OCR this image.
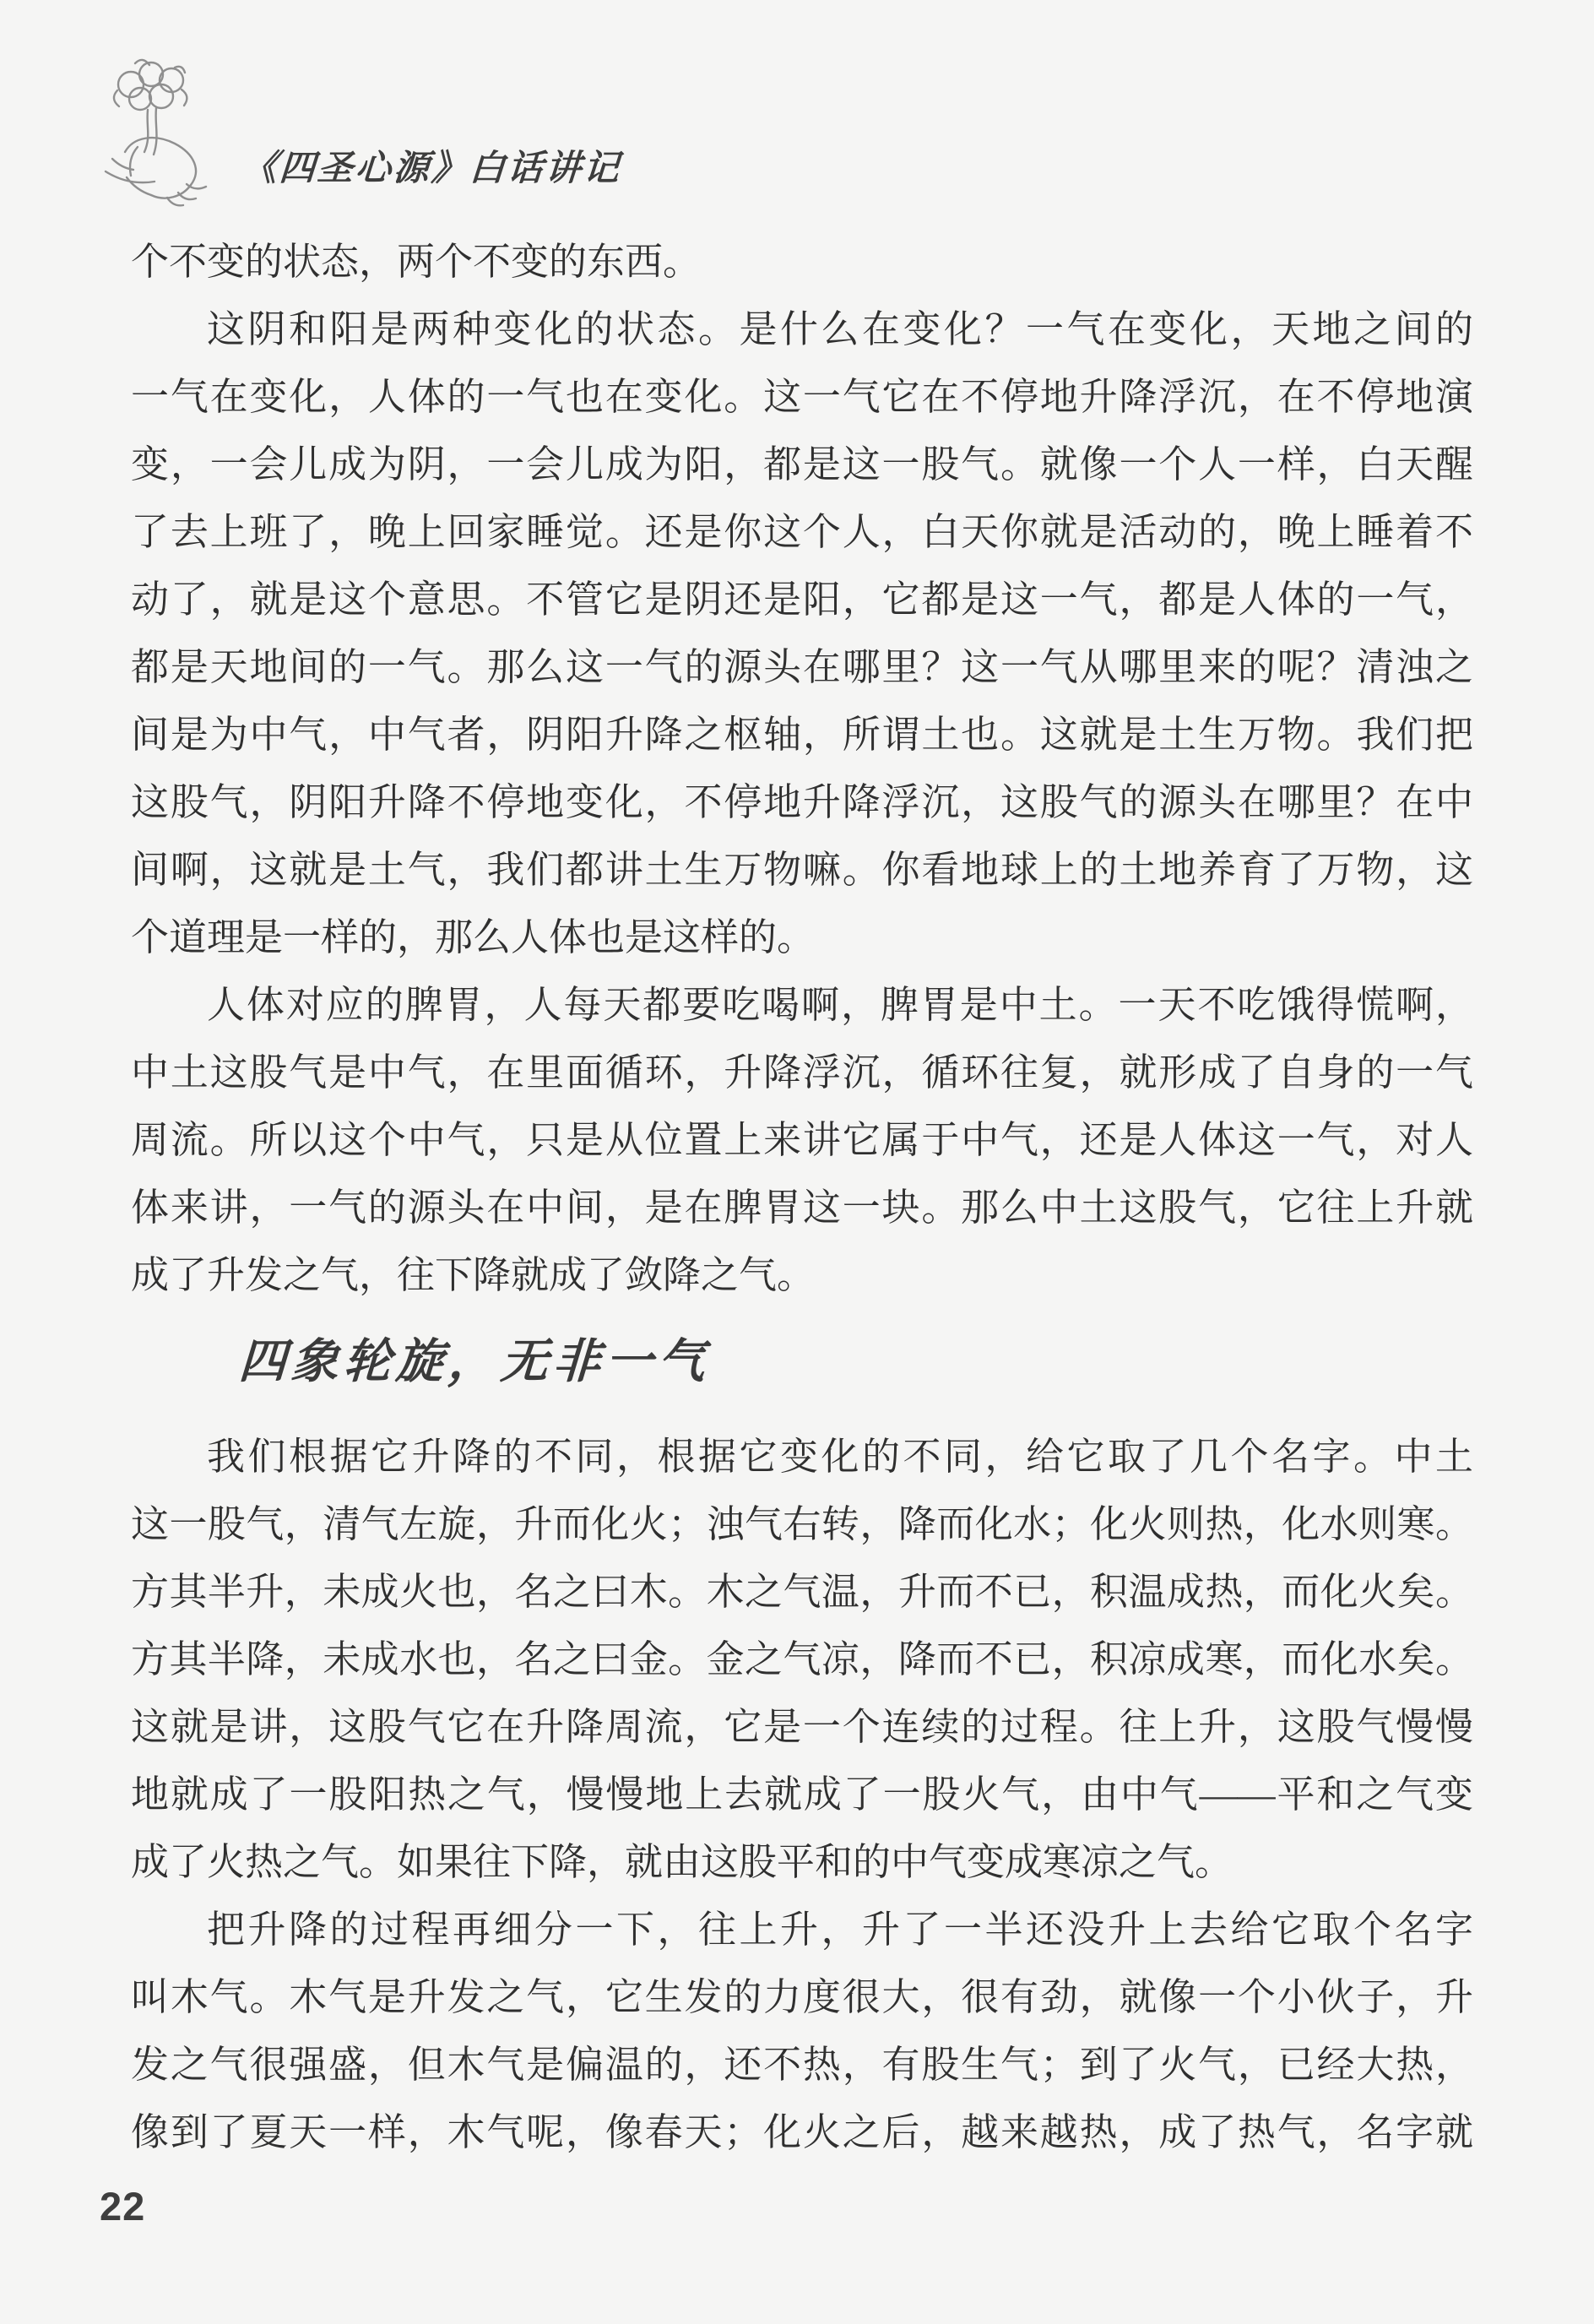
《四圣心源》白话讲记
个不变的状态，两个不变的东西。
这阴和阳是两种变化的状态。是什么在变化？一气在变化，天地之间的
一气在变化，人体的一气也在变化。这一气它在不停地升降浮沉，在不停地演
变，一会儿成为阴，一会儿成为阳，都是这一股气。就像一个人一样，白天醒
了去上班了，晚上回家睡觉。还是你这个人，白天你就是活动的，晚上睡着不
动了，就是这个意思。不管它是阴还是阳，它都是这一气，都是人体的一气，
都是天地间的一气。那么这一气的源头在哪里？这一气从哪里来的呢？清浊之
间是为中气，中气者，阴阳升降之枢轴，所谓土也。这就是土生万物。我们把
这股气，阴阳升降不停地变化，不停地升降浮沉，这股气的源头在哪里？在中
间啊，这就是土气，我们都讲土生万物嘛。你看地球上的土地养育了万物，这
个道理是一样的，那么人体也是这样的。
人体对应的脾胃，人每天都要吃喝啊，脾胃是中土。一天不吃饿得慌啊，
中土这股气是中气，在里面循环，升降浮沉，循环往复，就形成了自身的一气
周流。所以这个中气，只是从位置上来讲它属于中气，还是人体这一气，对人
体来讲，一气的源头在中间，是在脾胃这一块。那么中土这股气，它往上升就
成了升发之气，往下降就成了敛降之气。
四象轮旋，无非一气
我们根据它升降的不同，根据它变化的不同，给它取了几个名字。中土
这一股气，清气左旋，升而化火；浊气右转，降而化水；化火则热，化水则寒。
方其半升，未成火也，名之曰木。木之气温，升而不已，积温成热，而化火矣。
方其半降，未成水也，名之曰金。金之气凉，降而不已，积凉成寒，而化水矣。
这就是讲，这股气它在升降周流，它是一个连续的过程。往上升，这股气慢慢
地就成了一股阳热之气，慢慢地上去就成了一股火气，由中气——平和之气变
成了火热之气。如果往下降，就由这股平和的中气变成寒凉之气。
把升降的过程再细分一下，往上升，升了一半还没升上去给它取个名字
叫木气。木气是升发之气，它生发的力度很大，很有劲，就像一个小伙子，升
发之气很强盛，但木气是偏温的，还不热，有股生气；到了火气，已经大热，
像到了夏天一样，木气呢，像春天；化火之后，越来越热，成了热气，名字就
22
